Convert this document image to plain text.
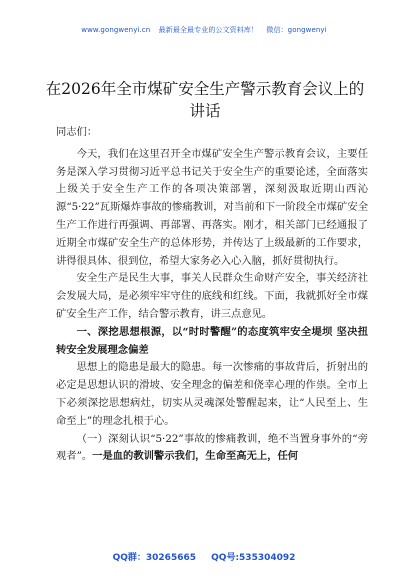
www.gongwenyi.cn 最新最全最专业的公文资料库！ 微信：gongwenyi
在2026年全市煤矿安全生产警示教育会议上的讲话

同志们：

今天，我们在这里召开全市煤矿安全生产警示教育会议，主要任务是深入学习贯彻习近平总书记关于安全生产的重要论述，全面落实上级关于安全生产工作的各项决策部署，深刻汲取近期山西沁源“5·22”瓦斯爆炸事故的惨痛教训，对当前和下一阶段全市煤矿安全生产工作进行再强调、再部署、再落实。刚才，相关部门已经通报了近期全市煤矿安全生产的总体形势，并传达了上级最新的工作要求，讲得很具体、很到位，希望大家务必入心入脑，抓好贯彻执行。

安全生产是民生大事，事关人民群众生命财产安全，事关经济社会发展大局，是必须牢牢守住的底线和红线。下面，我就抓好全市煤矿安全生产工作，结合警示教育，讲三点意见。

一、深挖思想根源，以“时时警醒”的态度筑牢安全堤坝 坚决扭转安全发展理念偏差

思想上的隐患是最大的隐患。每一次惨痛的事故背后，折射出的必定是思想认识的滑坡、安全理念的偏差和侥幸心理的作祟。全市上下必须深挖思想病灶，切实从灵魂深处警醒起来，让“人民至上、生命至上”的理念扎根于心。

（一）深刻认识“5·22”事故的惨痛教训，绝不当置身事外的“旁观者”。一是血的教训警示我们，生命至高无上，任何

QQ群：30265665 QQ号:535304092
